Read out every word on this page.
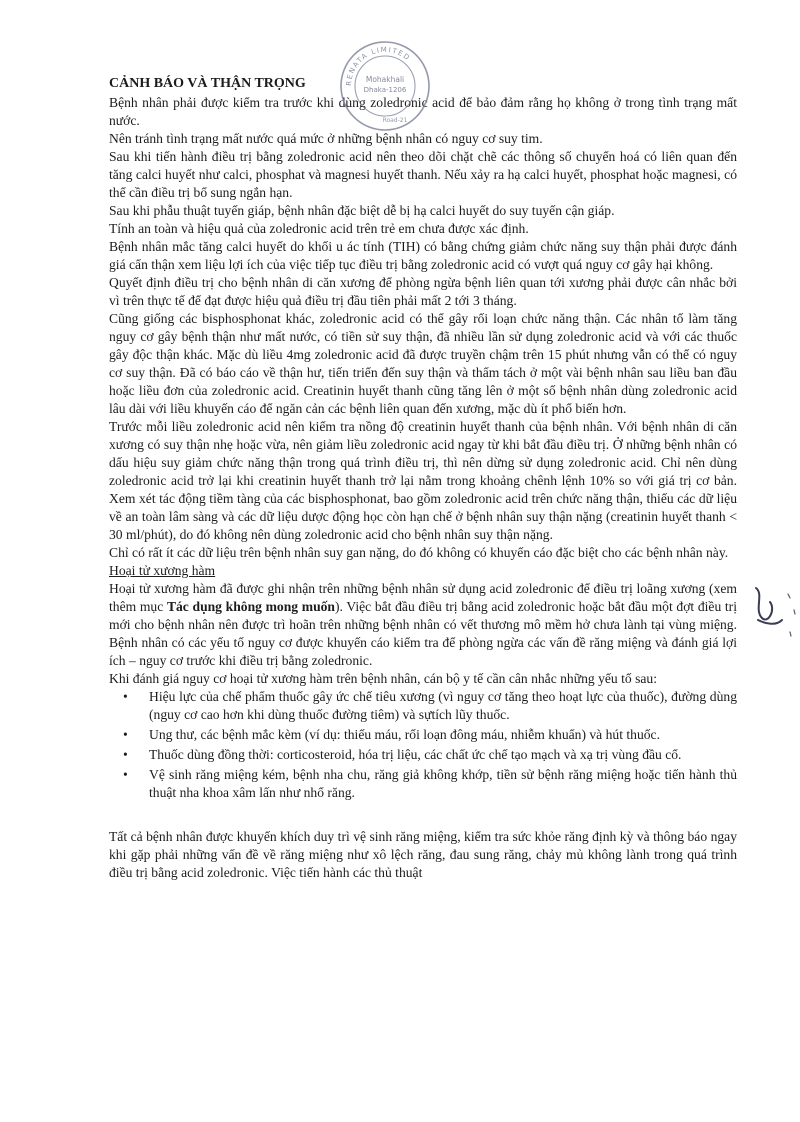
CẢNH BÁO VÀ THẬN TRỌNG

Bệnh nhân phải được kiểm tra trước khi dùng zoledronic acid để bảo đảm rằng họ không ở trong tình trạng mất nước.

Nên tránh tình trạng mất nước quá mức ở những bệnh nhân có nguy cơ suy tim.

Sau khi tiến hành điều trị bằng zoledronic acid nên theo dõi chặt chẽ các thông số chuyển hoá có liên quan đến tăng calci huyết như calci, phosphat và magnesi huyết thanh. Nếu xảy ra hạ calci huyết, phosphat hoặc magnesi, có thể cần điều trị bổ sung ngắn hạn.

Sau khi phẫu thuật tuyến giáp, bệnh nhân đặc biệt dễ bị hạ calci huyết do suy tuyến cận giáp.

Tính an toàn và hiệu quả của zoledronic acid trên trẻ em chưa được xác định.

Bệnh nhân mắc tăng calci huyết do khối u ác tính (TIH) có bằng chứng giảm chức năng suy thận phải được đánh giá cẩn thận xem liệu lợi ích của việc tiếp tục điều trị bằng zoledronic acid có vượt quá nguy cơ gây hại không.

Quyết định điều trị cho bệnh nhân di căn xương để phòng ngừa bệnh liên quan tới xương phải được cân nhắc bởi vì trên thực tế để đạt được hiệu quả điều trị đầu tiên phải mất 2 tới 3 tháng.

Cũng giống các bisphosphonat khác, zoledronic acid có thể gây rối loạn chức năng thận. Các nhân tố làm tăng nguy cơ gây bệnh thận như mất nước, có tiền sử suy thận, đã nhiều lần sử dụng zoledronic acid và với các thuốc gây độc thận khác. Mặc dù liều 4mg zoledronic acid đã được truyền chậm trên 15 phút nhưng vẫn có thể có nguy cơ suy thận. Đã có báo cáo về thận hư, tiến triển đến suy thận và thẩm tách ở một vài bệnh nhân sau liều ban đầu hoặc liều đơn của zoledronic acid. Creatinin huyết thanh cũng tăng lên ở một số bệnh nhân dùng zoledronic acid lâu dài với liều khuyến cáo để ngăn cản các bệnh liên quan đến xương, mặc dù ít phổ biến hơn.

Trước mỗi liều zoledronic acid nên kiểm tra nồng độ creatinin huyết thanh của bệnh nhân. Với bệnh nhân di căn xương có suy thận nhẹ hoặc vừa, nên giảm liều zoledronic acid ngay từ khi bắt đầu điều trị. Ở những bệnh nhân có dấu hiệu suy giảm chức năng thận trong quá trình điều trị, thì nên dừng sử dụng zoledronic acid. Chỉ nên dùng zoledronic acid trở lại khi creatinin huyết thanh trở lại nằm trong khoảng chênh lệnh 10% so với giá trị cơ bản. Xem xét tác động tiềm tàng của các bisphosphonat, bao gồm zoledronic acid trên chức năng thận, thiếu các dữ liệu về an toàn lâm sàng và các dữ liệu dược động học còn hạn chế ở bệnh nhân suy thận nặng (creatinin huyết thanh < 30 ml/phút), do đó không nên dùng zoledronic acid cho bệnh nhân suy thận nặng.

Chỉ có rất ít các dữ liệu trên bệnh nhân suy gan nặng, do đó không có khuyến cáo đặc biệt cho các bệnh nhân này.

Hoại tử xương hàm

Hoại tử xương hàm đã được ghi nhận trên những bệnh nhân sử dụng acid zoledronic để điều trị loãng xương (xem thêm mục Tác dụng không mong muốn). Việc bắt đầu điều trị bằng acid zoledronic hoặc bắt đầu một đợt điều trị mới cho bệnh nhân nên được trì hoãn trên những bệnh nhân có vết thương mô mềm hở chưa lành tại vùng miệng. Bệnh nhân có các yếu tố nguy cơ được khuyến cáo kiểm tra để phòng ngừa các vấn đề răng miệng và đánh giá lợi ích – nguy cơ trước khi điều trị bằng zoledronic.

Khi đánh giá nguy cơ hoại tử xương hàm trên bệnh nhân, cán bộ y tế cần cân nhắc những yếu tố sau:

• Hiệu lực của chế phẩm thuốc gây ức chế tiêu xương (vì nguy cơ tăng theo hoạt lực của thuốc), đường dùng (nguy cơ cao hơn khi dùng thuốc đường tiêm) và sựtích lũy thuốc.
• Ung thư, các bệnh mắc kèm (ví dụ: thiếu máu, rối loạn đông máu, nhiễm khuẩn) và hút thuốc.
• Thuốc dùng đồng thời: corticosteroid, hóa trị liệu, các chất ức chế tạo mạch và xạ trị vùng đầu cổ.
• Vệ sinh răng miệng kém, bệnh nha chu, răng giả không khớp, tiền sử bệnh răng miệng hoặc tiến hành thủ thuật nha khoa xâm lấn như nhổ răng.

Tất cả bệnh nhân được khuyến khích duy trì vệ sinh răng miệng, kiểm tra sức khỏe răng định kỳ và thông báo ngay khi gặp phải những vấn đề về răng miệng như xô lệch răng, đau sung răng, chảy mủ không lành trong quá trình điều trị bằng acid zoledronic. Việc tiến hành các thủ thuật

RENATA LIMITED
Mohakhali
Dhaka-1206
Road-21
